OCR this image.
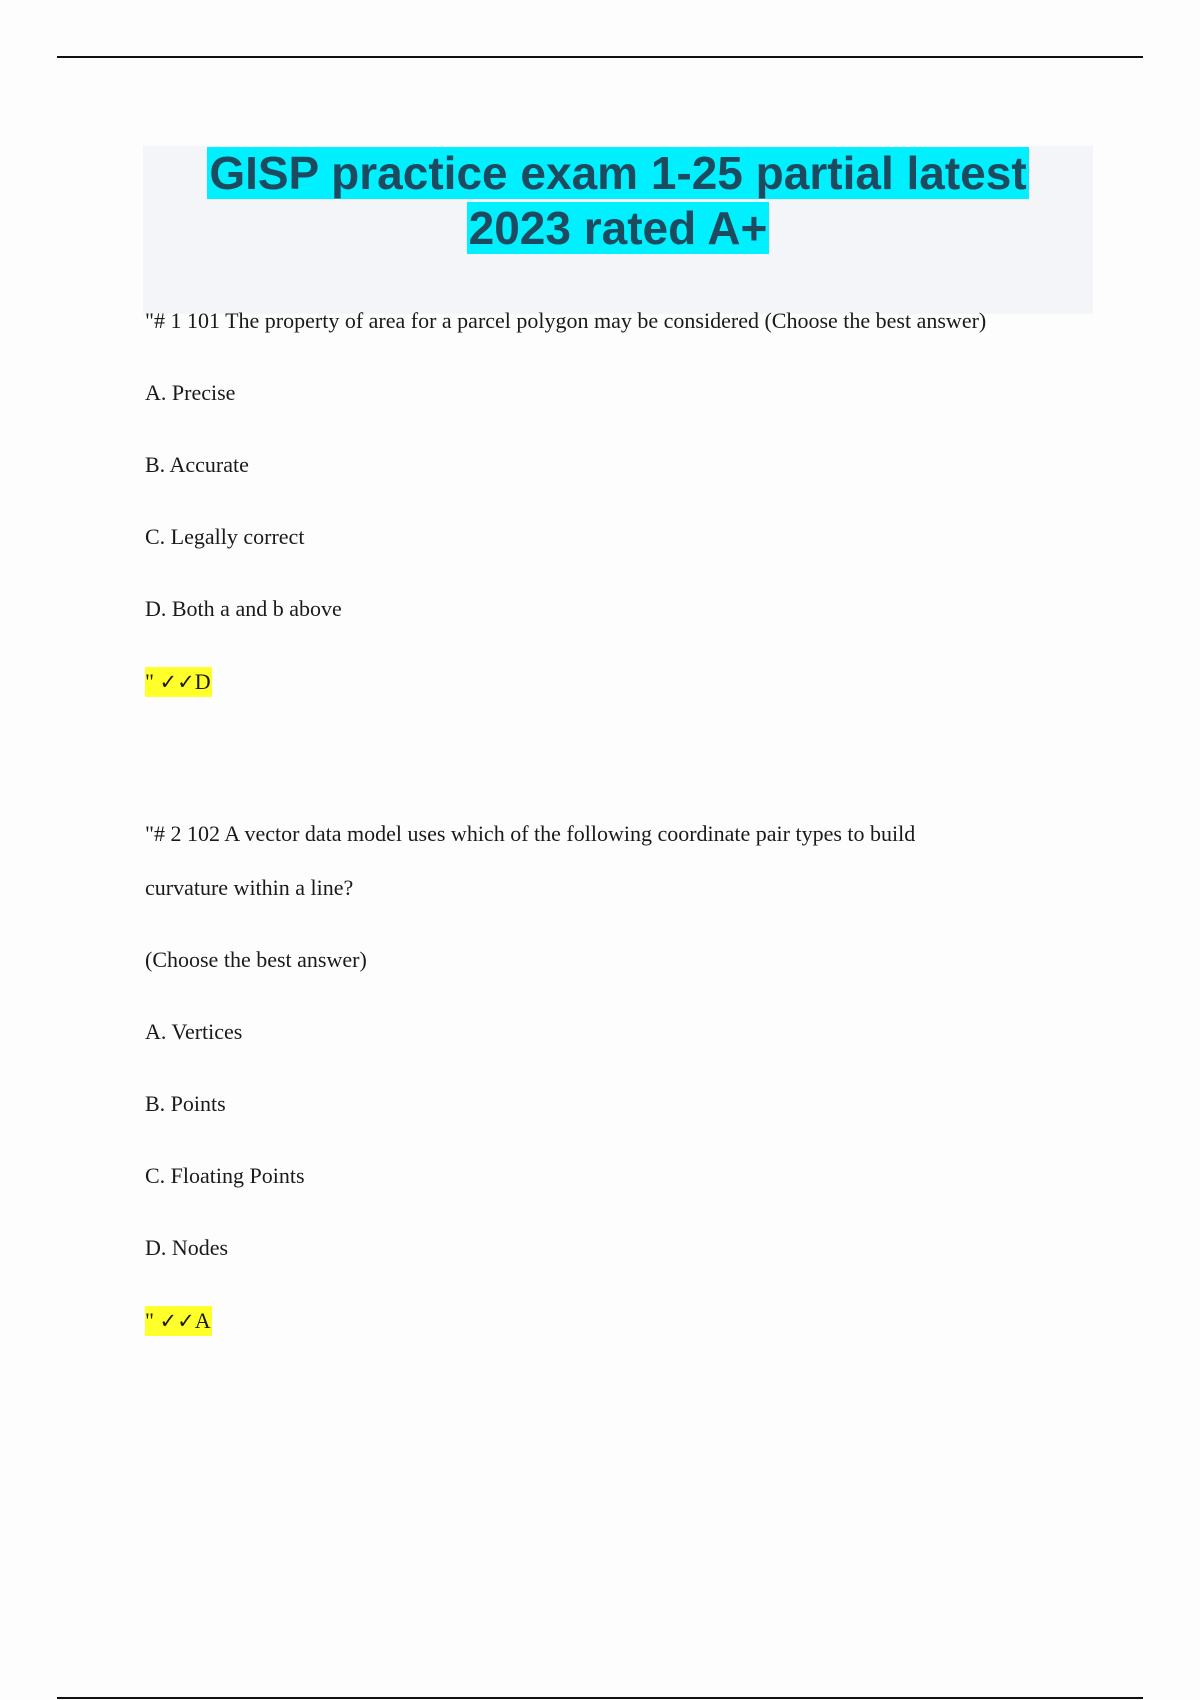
GISP practice exam 1-25 partial latest
2023 rated A+
"# 1 101 The property of area for a parcel polygon may be considered (Choose the best answer)
A. Precise
B. Accurate
C. Legally correct
D. Both a and b above
" ✓✓D
"# 2 102 A vector data model uses which of the following coordinate pair types to build
curvature within a line?
(Choose the best answer)
A. Vertices
B. Points
C. Floating Points
D. Nodes
" ✓✓A
